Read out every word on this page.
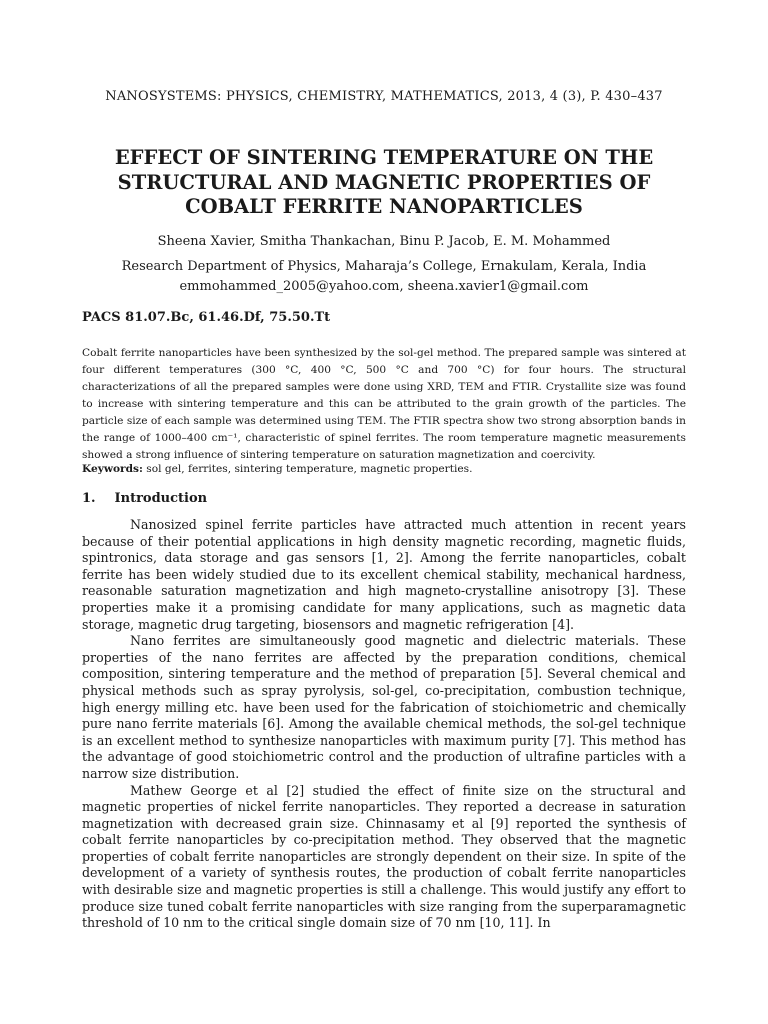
NANOSYSTEMS: PHYSICS, CHEMISTRY, MATHEMATICS, 2013, 4 (3), P. 430–437
EFFECT OF SINTERING TEMPERATURE ON THE
STRUCTURAL AND MAGNETIC PROPERTIES OF
COBALT FERRITE NANOPARTICLES
Sheena Xavier, Smitha Thankachan, Binu P. Jacob, E. M. Mohammed
Research Department of Physics, Maharaja’s College, Ernakulam, Kerala, India
emmohammed_2005@yahoo.com, sheena.xavier1@gmail.com
PACS 81.07.Bc, 61.46.Df, 75.50.Tt
Cobalt ferrite nanoparticles have been synthesized by the sol-gel method. The prepared sample was sintered at four different temperatures (300 °C, 400 °C, 500 °C and 700 °C) for four hours. The structural characterizations of all the prepared samples were done using XRD, TEM and FTIR. Crystallite size was found to increase with sintering temperature and this can be attributed to the grain growth of the particles. The particle size of each sample was determined using TEM. The FTIR spectra show two strong absorption bands in the range of 1000–400 cm⁻¹, characteristic of spinel ferrites. The room temperature magnetic measurements showed a strong influence of sintering temperature on saturation magnetization and coercivity.
Keywords: sol gel, ferrites, sintering temperature, magnetic properties.
1. Introduction

Nanosized spinel ferrite particles have attracted much attention in recent years because of their potential applications in high density magnetic recording, magnetic fluids, spintronics, data storage and gas sensors [1, 2]. Among the ferrite nanoparticles, cobalt ferrite has been widely studied due to its excellent chemical stability, mechanical hardness, reasonable saturation magnetization and high magneto-crystalline anisotropy [3]. These properties make it a promising candidate for many applications, such as magnetic data storage, magnetic drug targeting, biosensors and magnetic refrigeration [4].

Nano ferrites are simultaneously good magnetic and dielectric materials. These properties of the nano ferrites are affected by the preparation conditions, chemical composition, sintering temperature and the method of preparation [5]. Several chemical and physical methods such as spray pyrolysis, sol-gel, co-precipitation, combustion technique, high energy milling etc. have been used for the fabrication of stoichiometric and chemically pure nano ferrite materials [6]. Among the available chemical methods, the sol-gel technique is an excellent method to synthesize nanoparticles with maximum purity [7]. This method has the advantage of good stoichiometric control and the production of ultrafine particles with a narrow size distribution.

Mathew George et al [2] studied the effect of finite size on the structural and magnetic properties of nickel ferrite nanoparticles. They reported a decrease in saturation magnetization with decreased grain size. Chinnasamy et al [9] reported the synthesis of cobalt ferrite nanoparticles by co-precipitation method. They observed that the magnetic properties of cobalt ferrite nanoparticles are strongly dependent on their size. In spite of the development of a variety of synthesis routes, the production of cobalt ferrite nanoparticles with desirable size and magnetic properties is still a challenge. This would justify any effort to produce size tuned cobalt ferrite nanoparticles with size ranging from the superparamagnetic threshold of 10 nm to the critical single domain size of 70 nm [10, 11]. In
